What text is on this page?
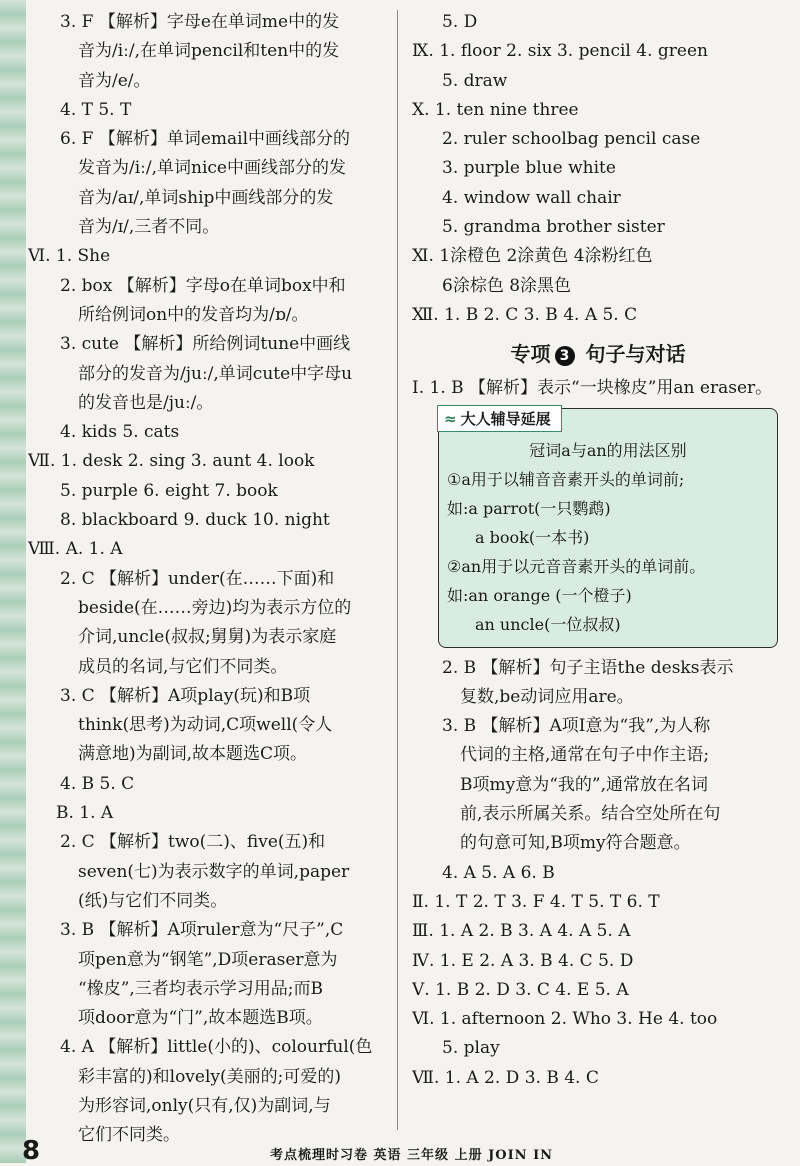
3. F 【解析】字母e在单词me中的发
音为/iː/,在单词pencil和ten中的发
音为/e/。
4. T 5. T
6. F 【解析】单词email中画线部分的
发音为/iː/,单词nice中画线部分的发
音为/aɪ/,单词ship中画线部分的发
音为/ɪ/,三者不同。
Ⅵ. 1. She
2. box 【解析】字母o在单词box中和
所给例词on中的发音均为/ɒ/。
3. cute 【解析】所给例词tune中画线
部分的发音为/juː/,单词cute中字母u
的发音也是/juː/。
4. kids 5. cats
Ⅶ. 1. desk 2. sing 3. aunt 4. look
5. purple 6. eight 7. book
8. blackboard 9. duck 10. night
Ⅷ. A. 1. A
2. C 【解析】under(在……下面)和
beside(在……旁边)均为表示方位的
介词,uncle(叔叔;舅舅)为表示家庭
成员的名词,与它们不同类。
3. C 【解析】A项play(玩)和B项
think(思考)为动词,C项well(令人
满意地)为副词,故本题选C项。
4. B 5. C
B. 1. A
2. C 【解析】two(二)、five(五)和
seven(七)为表示数字的单词,paper
(纸)与它们不同类。
3. B 【解析】A项ruler意为“尺子”,C
项pen意为“钢笔”,D项eraser意为
“橡皮”,三者均表示学习用品;而B
项door意为“门”,故本题选B项。
4. A 【解析】little(小的)、colourful(色
彩丰富的)和lovely(美丽的;可爱的)
为形容词,only(只有,仅)为副词,与
它们不同类。
5. D
Ⅸ. 1. floor 2. six 3. pencil 4. green
5. draw
Ⅹ. 1. ten nine three
2. ruler schoolbag pencil case
3. purple blue white
4. window wall chair
5. grandma brother sister
Ⅺ. 1涂橙色 2涂黄色 4涂粉红色
6涂棕色 8涂黑色
Ⅻ. 1. B 2. C 3. B 4. A 5. C
专项 3 句子与对话
Ⅰ. 1. B 【解析】表示“一块橡皮”用an eraser。
≈ 大人辅导延展
冠词a与an的用法区别
①a用于以辅音音素开头的单词前;
如:a parrot(一只鹦鹉)
a book(一本书)
②an用于以元音音素开头的单词前。
如:an orange (一个橙子)
an uncle(一位叔叔)
2. B 【解析】句子主语the desks表示
复数,be动词应用are。
3. B 【解析】A项I意为“我”,为人称
代词的主格,通常在句子中作主语;
B项my意为“我的”,通常放在名词
前,表示所属关系。结合空处所在句
的句意可知,B项my符合题意。
4. A 5. A 6. B
Ⅱ. 1. T 2. T 3. F 4. T 5. T 6. T
Ⅲ. 1. A 2. B 3. A 4. A 5. A
Ⅳ. 1. E 2. A 3. B 4. C 5. D
Ⅴ. 1. B 2. D 3. C 4. E 5. A
Ⅵ. 1. afternoon 2. Who 3. He 4. too
5. play
Ⅶ. 1. A 2. D 3. B 4. C
8	考点梳理时习卷 英语 三年级 上册 JOIN IN
